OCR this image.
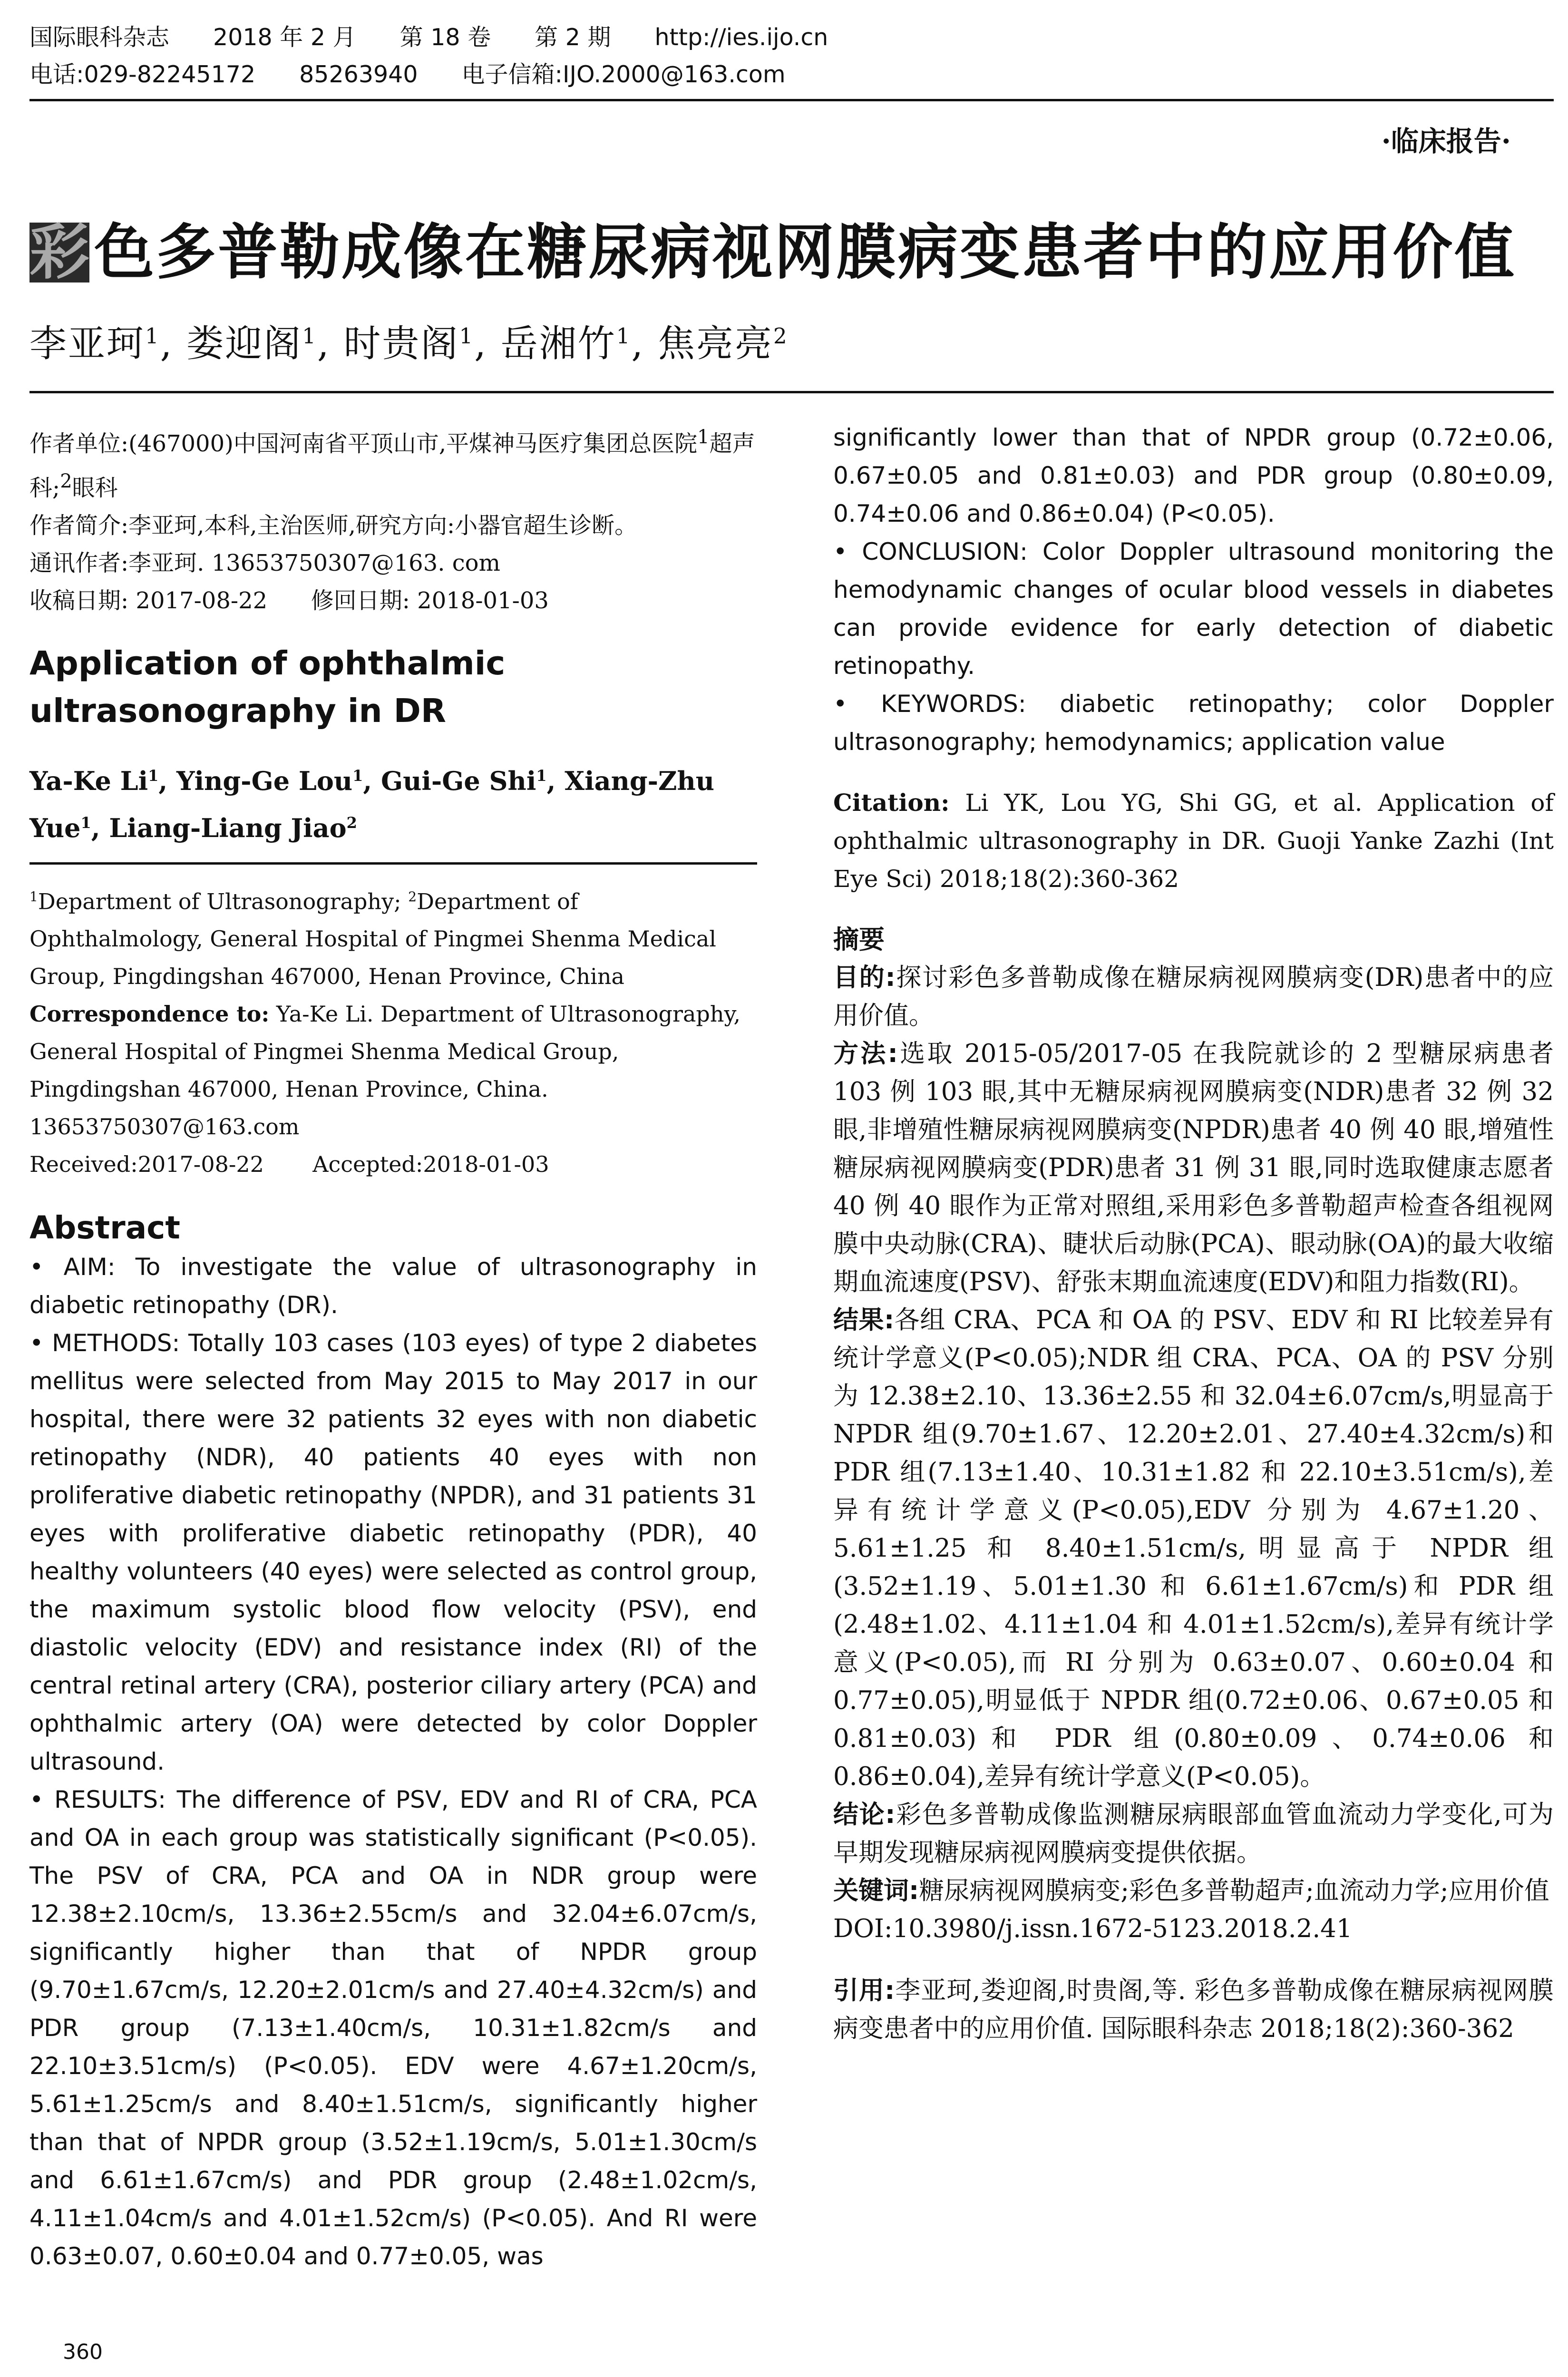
国际眼科杂志 2018 年 2 月 第 18 卷 第 2 期 http://ies.ijo.cn
电话:029-82245172 85263940 电子信箱:IJO.2000@163.com
·临床报告·
彩色多普勒成像在糖尿病视网膜病变患者中的应用价值
李亚珂$^1$, 娄迎阁$^1$, 时贵阁$^1$, 岳湘竹$^1$, 焦亮亮$^2$
作者单位:(467000)中国河南省平顶山市,平煤神马医疗集团总医院$^1$超声科;$^2$眼科
作者简介:李亚珂,本科,主治医师,研究方向:小器官超生诊断。
通讯作者:李亚珂. 13653750307@163. com
收稿日期: 2017-08-22 修回日期: 2018-01-03
Application of ophthalmic ultrasonography in DR
Ya-Ke Li$^1$, Ying-Ge Lou$^1$, Gui-Ge Shi$^1$, Xiang-Zhu Yue$^1$, Liang-Liang Jiao$^2$
$^1$Department of Ultrasonography; $^2$Department of Ophthalmology, General Hospital of Pingmei Shenma Medical Group, Pingdingshan 467000, Henan Province, China
Correspondence to: Ya-Ke Li. Department of Ultrasonography, General Hospital of Pingmei Shenma Medical Group, Pingdingshan 467000, Henan Province, China. 13653750307@163.com
Received:2017-08-22 Accepted:2018-01-03
Abstract
• AIM: To investigate the value of ultrasonography in diabetic retinopathy (DR).
• METHODS: Totally 103 cases (103 eyes) of type 2 diabetes mellitus were selected from May 2015 to May 2017 in our hospital, there were 32 patients 32 eyes with non diabetic retinopathy (NDR), 40 patients 40 eyes with non proliferative diabetic retinopathy (NPDR), and 31 patients 31 eyes with proliferative diabetic retinopathy (PDR), 40 healthy volunteers (40 eyes) were selected as control group, the maximum systolic blood flow velocity (PSV), end diastolic velocity (EDV) and resistance index (RI) of the central retinal artery (CRA), posterior ciliary artery (PCA) and ophthalmic artery (OA) were detected by color Doppler ultrasound.
• RESULTS: The difference of PSV, EDV and RI of CRA, PCA and OA in each group was statistically significant (P<0.05). The PSV of CRA, PCA and OA in NDR group were 12.38±2.10cm/s, 13.36±2.55cm/s and 32.04±6.07cm/s, significantly higher than that of NPDR group (9.70±1.67cm/s, 12.20±2.01cm/s and 27.40±4.32cm/s) and PDR group (7.13±1.40cm/s, 10.31±1.82cm/s and 22.10±3.51cm/s) (P<0.05). EDV were 4.67±1.20cm/s, 5.61±1.25cm/s and 8.40±1.51cm/s, significantly higher than that of NPDR group (3.52±1.19cm/s, 5.01±1.30cm/s and 6.61±1.67cm/s) and PDR group (2.48±1.02cm/s, 4.11±1.04cm/s and 4.01±1.52cm/s) (P<0.05). And RI were 0.63±0.07, 0.60±0.04 and 0.77±0.05, was
significantly lower than that of NPDR group (0.72±0.06, 0.67±0.05 and 0.81±0.03) and PDR group (0.80±0.09, 0.74±0.06 and 0.86±0.04) (P<0.05).
• CONCLUSION: Color Doppler ultrasound monitoring the hemodynamic changes of ocular blood vessels in diabetes can provide evidence for early detection of diabetic retinopathy.
• KEYWORDS: diabetic retinopathy; color Doppler ultrasonography; hemodynamics; application value
Citation: Li YK, Lou YG, Shi GG, et al. Application of ophthalmic ultrasonography in DR. Guoji Yanke Zazhi (Int Eye Sci) 2018;18(2):360-362
摘要
目的:探讨彩色多普勒成像在糖尿病视网膜病变(DR)患者中的应用价值。
方法:选取 2015-05/2017-05 在我院就诊的 2 型糖尿病患者 103 例 103 眼,其中无糖尿病视网膜病变(NDR)患者 32 例 32 眼,非增殖性糖尿病视网膜病变(NPDR)患者 40 例 40 眼,增殖性糖尿病视网膜病变(PDR)患者 31 例 31 眼,同时选取健康志愿者 40 例 40 眼作为正常对照组,采用彩色多普勒超声检查各组视网膜中央动脉(CRA)、睫状后动脉(PCA)、眼动脉(OA)的最大收缩期血流速度(PSV)、舒张末期血流速度(EDV)和阻力指数(RI)。
结果:各组 CRA、PCA 和 OA 的 PSV、EDV 和 RI 比较差异有统计学意义(P<0.05);NDR 组 CRA、PCA、OA 的 PSV 分别为 12.38±2.10、13.36±2.55 和 32.04±6.07cm/s,明显高于 NPDR 组(9.70±1.67、12.20±2.01、27.40±4.32cm/s)和 PDR 组(7.13±1.40、10.31±1.82 和 22.10±3.51cm/s),差异有统计学意义(P<0.05),EDV 分别为 4.67±1.20、5.61±1.25 和 8.40±1.51cm/s,明显高于 NPDR 组(3.52±1.19、5.01±1.30 和 6.61±1.67cm/s)和 PDR 组(2.48±1.02、4.11±1.04 和 4.01±1.52cm/s),差异有统计学意义(P<0.05),而 RI 分别为 0.63±0.07、0.60±0.04 和 0.77±0.05),明显低于 NPDR 组(0.72±0.06、0.67±0.05 和 0.81±0.03)和 PDR 组(0.80±0.09、0.74±0.06 和 0.86±0.04),差异有统计学意义(P<0.05)。
结论:彩色多普勒成像监测糖尿病眼部血管血流动力学变化,可为早期发现糖尿病视网膜病变提供依据。
关键词:糖尿病视网膜病变;彩色多普勒超声;血流动力学;应用价值
DOI:10.3980/j.issn.1672-5123.2018.2.41
引用:李亚珂,娄迎阁,时贵阁,等. 彩色多普勒成像在糖尿病视网膜病变患者中的应用价值. 国际眼科杂志 2018;18(2):360-362
360
